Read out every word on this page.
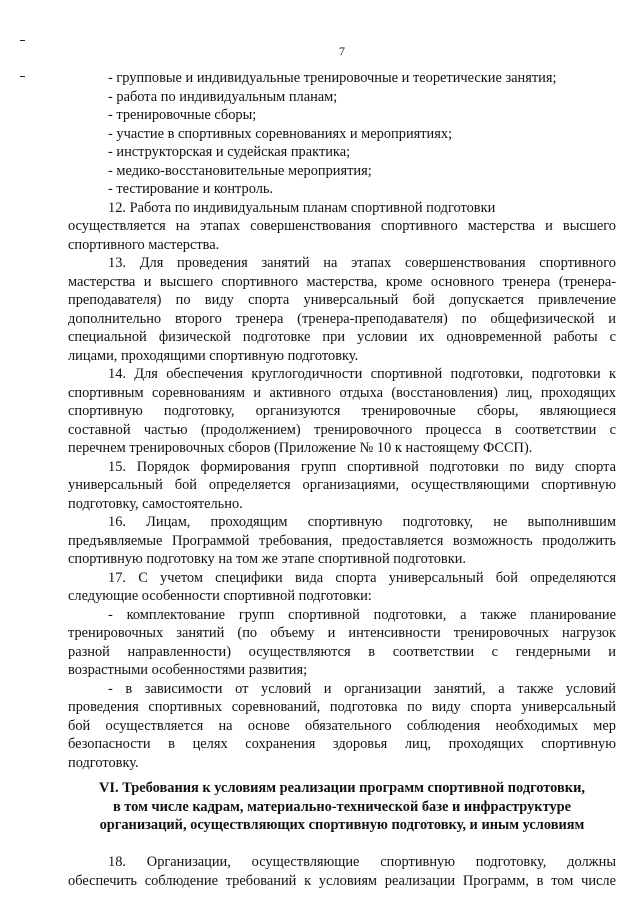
7
- групповые и индивидуальные тренировочные и теоретические занятия;
- работа по индивидуальным планам;
- тренировочные сборы;
- участие в спортивных соревнованиях и мероприятиях;
- инструкторская и судейская практика;
- медико-восстановительные мероприятия;
- тестирование и контроль.
12. Работа по индивидуальным планам спортивной подготовки
осуществляется на этапах совершенствования спортивного мастерства и высшего
спортивного мастерства.
13. Для проведения занятий на этапах совершенствования спортивного
мастерства и высшего спортивного мастерства, кроме основного тренера (тренера-
преподавателя) по виду спорта универсальный бой допускается привлечение
дополнительно второго тренера (тренера-преподавателя) по общефизической и
специальной физической подготовке при условии их одновременной работы с
лицами, проходящими спортивную подготовку.
14. Для обеспечения круглогодичности спортивной подготовки, подготовки к
спортивным соревнованиям и активного отдыха (восстановления) лиц, проходящих
спортивную подготовку, организуются тренировочные сборы, являющиеся
составной частью (продолжением) тренировочного процесса в соответствии с
перечнем тренировочных сборов (Приложение № 10 к настоящему ФССП).
15. Порядок формирования групп спортивной подготовки по виду спорта
универсальный бой определяется организациями, осуществляющими спортивную
подготовку, самостоятельно.
16. Лицам, проходящим спортивную подготовку, не выполнившим
предъявляемые Программой требования, предоставляется возможность продолжить
спортивную подготовку на том же этапе спортивной подготовки.
17. С учетом специфики вида спорта универсальный бой определяются
следующие особенности спортивной подготовки:
- комплектование групп спортивной подготовки, а также планирование
тренировочных занятий (по объему и интенсивности тренировочных нагрузок
разной направленности) осуществляются в соответствии с гендерными и
возрастными особенностями развития;
- в зависимости от условий и организации занятий, а также условий
проведения спортивных соревнований, подготовка по виду спорта универсальный
бой осуществляется на основе обязательного соблюдения необходимых мер
безопасности в целях сохранения здоровья лиц, проходящих спортивную
подготовку.
VI. Требования к условиям реализации программ спортивной подготовки,
в том числе кадрам, материально-технической базе и инфраструктуре
организаций, осуществляющих спортивную подготовку, и иным условиям
18. Организации, осуществляющие спортивную подготовку, должны
обеспечить соблюдение требований к условиям реализации Программ, в том числе
